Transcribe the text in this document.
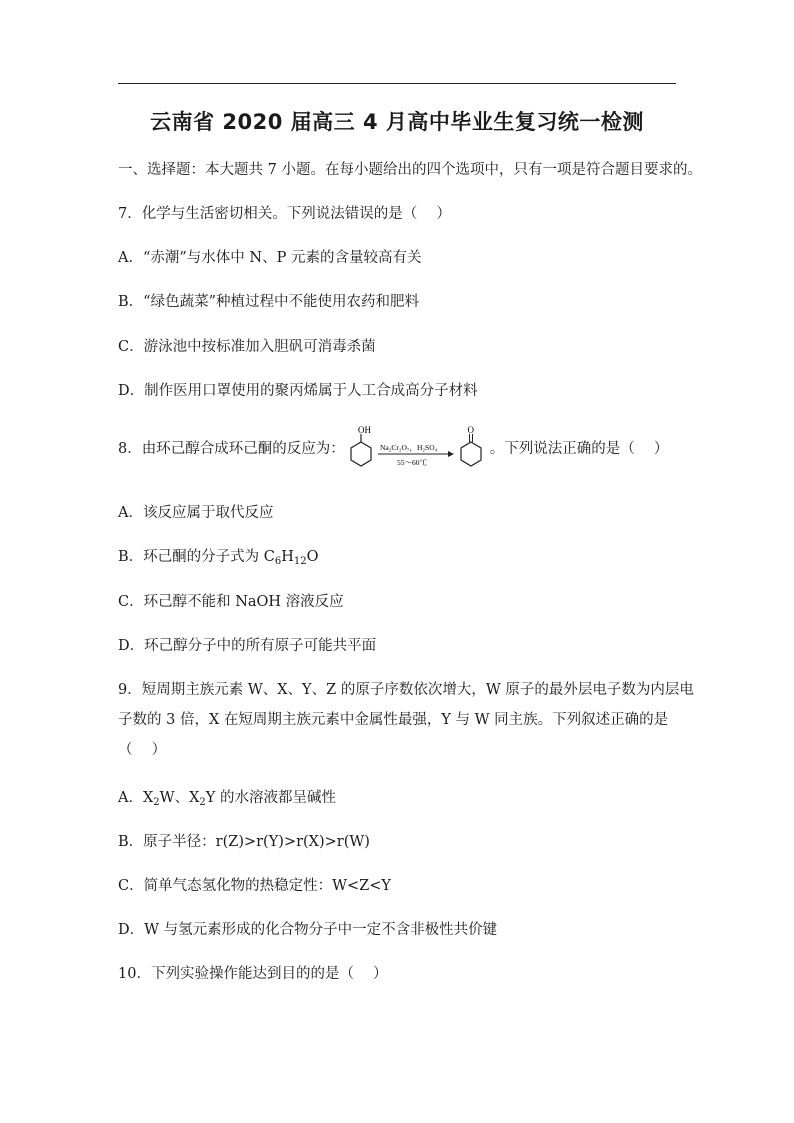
云南省 2020 届高三 4 月高中毕业生复习统一检测
一、选择题：本大题共 7 小题。在每小题给出的四个选项中，只有一项是符合题目要求的。
7．化学与生活密切相关。下列说法错误的是（　 ）
A．“赤潮”与水体中 N、P 元素的含量较高有关
B．“绿色蔬菜”种植过程中不能使用农药和肥料
C．游泳池中按标准加入胆矾可消毒杀菌
D．制作医用口罩使用的聚丙烯属于人工合成高分子材料
8．由环己醇合成环己酮的反应为：
OH
Na₂Cr₂O₇，H₂SO₄
55～60℃
O
。下列说法正确的是（　 ）
A．该反应属于取代反应
B．环己酮的分子式为 $C_6H_{12}O$
C．环己醇不能和 NaOH 溶液反应
D．环己醇分子中的所有原子可能共平面
9．短周期主族元素 W、X、Y、Z 的原子序数依次增大，W 原子的最外层电子数为内层电
子数的 3 倍，X 在短周期主族元素中金属性最强，Y 与 W 同主族。下列叙述正确的是
（　 ）
A．$X_2W$、$X_2Y$ 的水溶液都呈碱性
B．原子半径：r(Z)>r(Y)>r(X)>r(W)
C．简单气态氢化物的热稳定性：W<Z<Y
D．W 与氢元素形成的化合物分子中一定不含非极性共价键
10．下列实验操作能达到目的的是（　 ）
